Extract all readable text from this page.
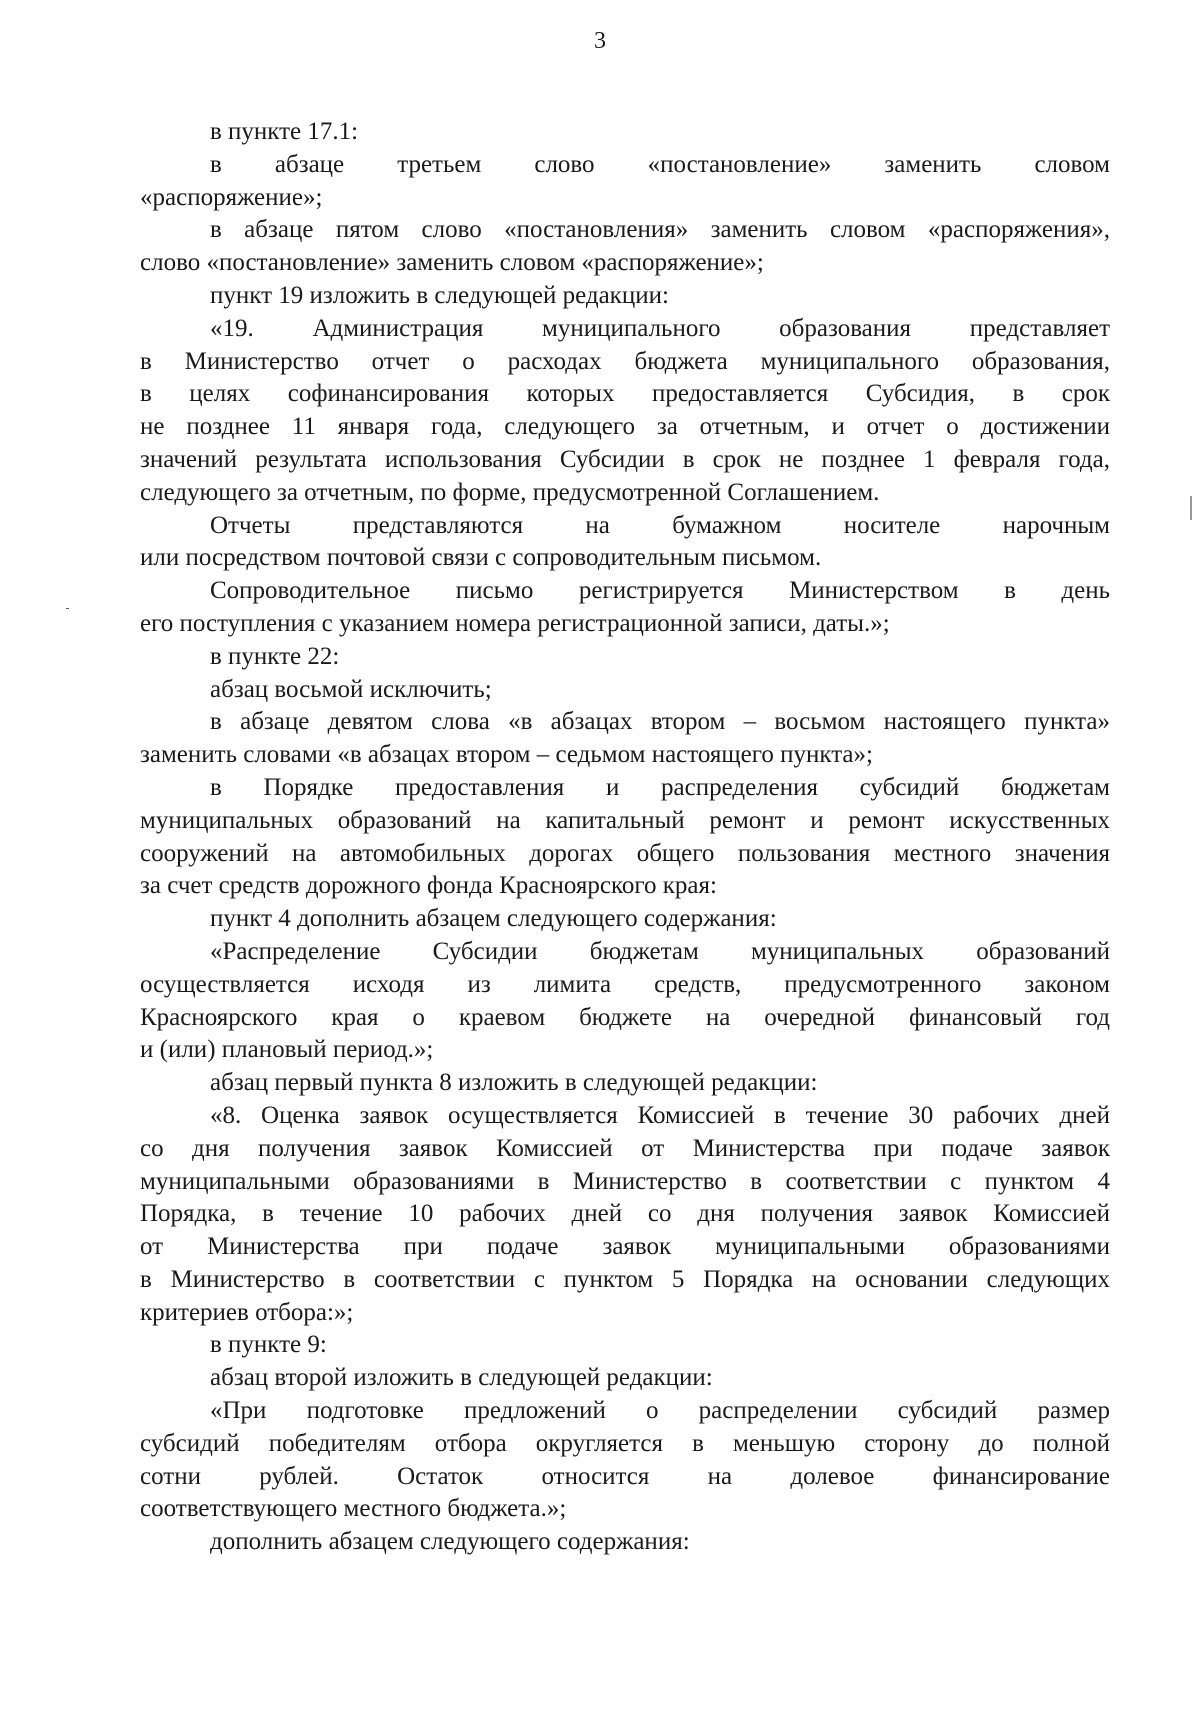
3
в пункте 17.1:
в абзаце третьем слово «постановление» заменить словом
«распоряжение»;
в абзаце пятом слово «постановления» заменить словом «распоряжения»,
слово «постановление» заменить словом «распоряжение»;
пункт 19 изложить в следующей редакции:
«19. Администрация муниципального образования представляет
в Министерство отчет о расходах бюджета муниципального образования,
в целях софинансирования которых предоставляется Субсидия, в срок
не позднее 11 января года, следующего за отчетным, и отчет о достижении
значений результата использования Субсидии в срок не позднее 1 февраля года,
следующего за отчетным, по форме, предусмотренной Соглашением.
Отчеты представляются на бумажном носителе нарочным
или посредством почтовой связи с сопроводительным письмом.
Сопроводительное письмо регистрируется Министерством в день
его поступления с указанием номера регистрационной записи, даты.»;
в пункте 22:
абзац восьмой исключить;
в абзаце девятом слова «в абзацах втором – восьмом настоящего пункта»
заменить словами «в абзацах втором – седьмом настоящего пункта»;
в Порядке предоставления и распределения субсидий бюджетам
муниципальных образований на капитальный ремонт и ремонт искусственных
сооружений на автомобильных дорогах общего пользования местного значения
за счет средств дорожного фонда Красноярского края:
пункт 4 дополнить абзацем следующего содержания:
«Распределение Субсидии бюджетам муниципальных образований
осуществляется исходя из лимита средств, предусмотренного законом
Красноярского края о краевом бюджете на очередной финансовый год
и (или) плановый период.»;
абзац первый пункта 8 изложить в следующей редакции:
«8. Оценка заявок осуществляется Комиссией в течение 30 рабочих дней
со дня получения заявок Комиссией от Министерства при подаче заявок
муниципальными образованиями в Министерство в соответствии с пунктом 4
Порядка, в течение 10 рабочих дней со дня получения заявок Комиссией
от Министерства при подаче заявок муниципальными образованиями
в Министерство в соответствии с пунктом 5 Порядка на основании следующих
критериев отбора:»;
в пункте 9:
абзац второй изложить в следующей редакции:
«При подготовке предложений о распределении субсидий размер
субсидий победителям отбора округляется в меньшую сторону до полной
сотни рублей. Остаток относится на долевое финансирование
соответствующего местного бюджета.»;
дополнить абзацем следующего содержания:
